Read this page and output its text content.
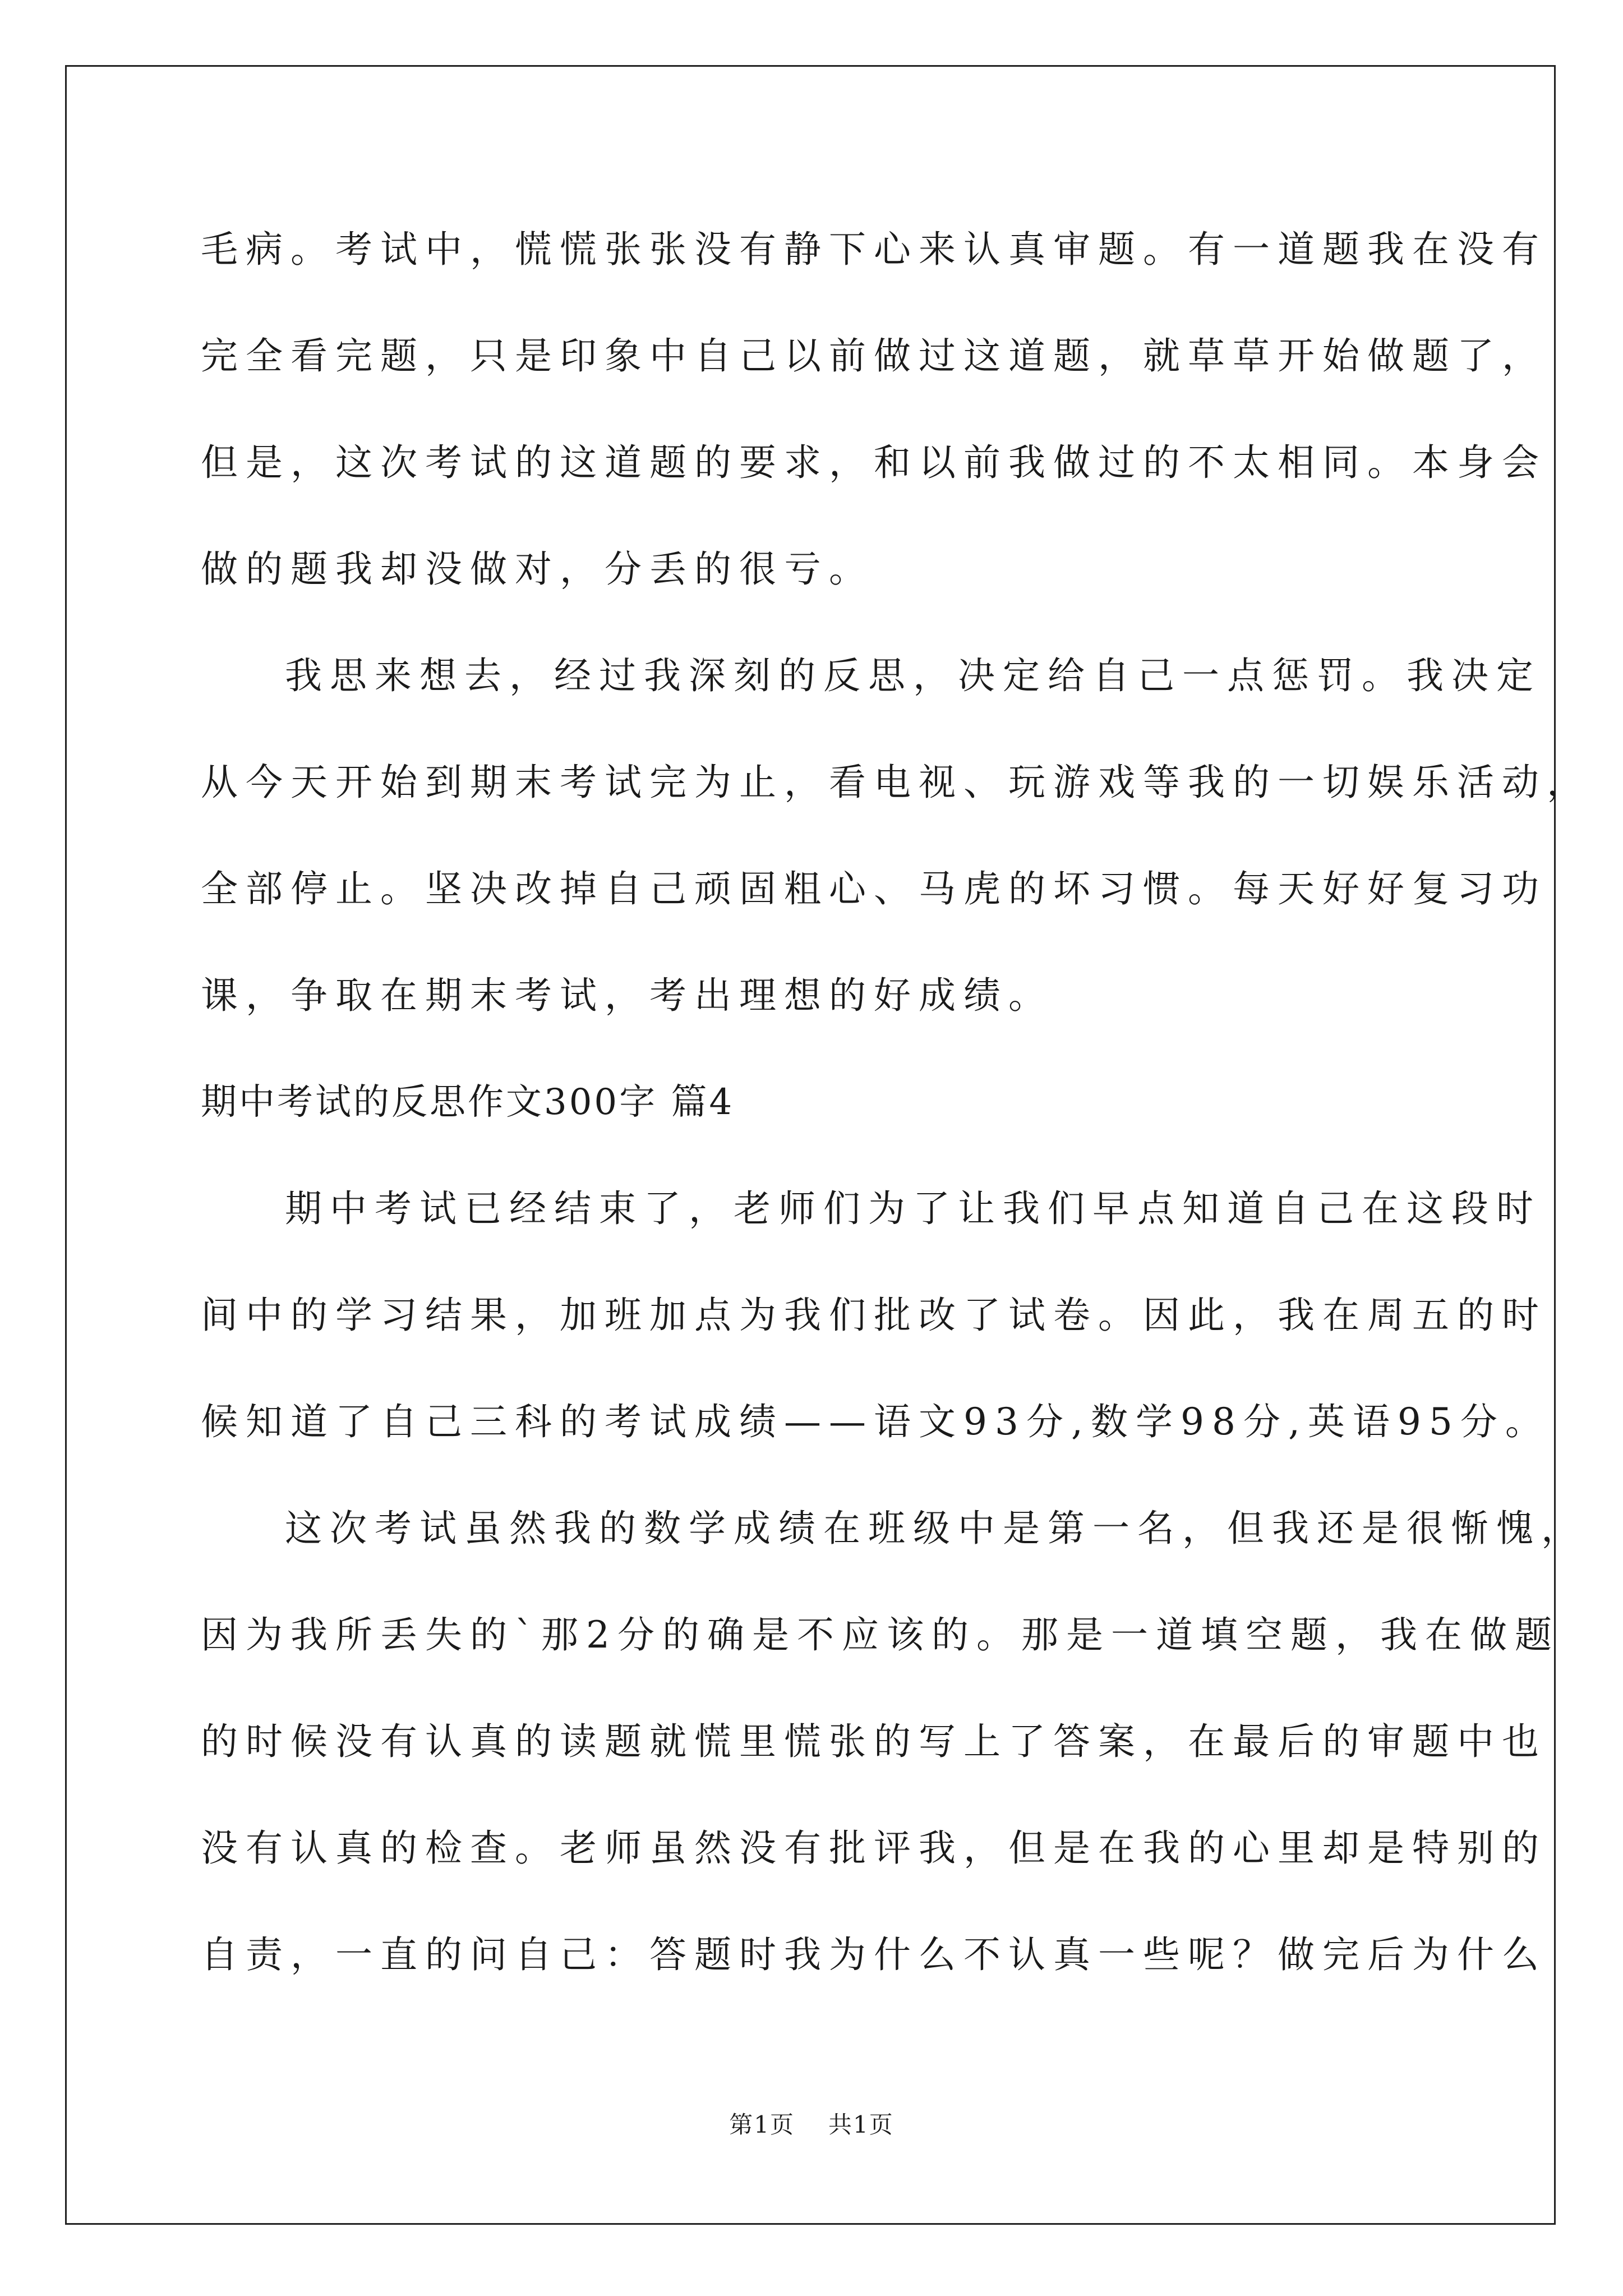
毛病。考试中，慌慌张张没有静下心来认真审题。有一道题我在没有
完全看完题，只是印象中自己以前做过这道题，就草草开始做题了，
但是，这次考试的这道题的要求，和以前我做过的不太相同。本身会
做的题我却没做对，分丢的很亏。
我思来想去，经过我深刻的反思，决定给自己一点惩罚。我决定
从今天开始到期末考试完为止，看电视、玩游戏等我的一切娱乐活动，
全部停止。坚决改掉自己顽固粗心、马虎的坏习惯。每天好好复习功
课，争取在期末考试，考出理想的好成绩。
期中考试的反思作文300字 篇4
期中考试已经结束了，老师们为了让我们早点知道自己在这段时
间中的学习结果，加班加点为我们批改了试卷。因此，我在周五的时
候知道了自己三科的考试成绩——语文93分,数学98分,英语95分。
这次考试虽然我的数学成绩在班级中是第一名，但我还是很惭愧，
因为我所丢失的`那2分的确是不应该的。那是一道填空题，我在做题
的时候没有认真的读题就慌里慌张的写上了答案，在最后的审题中也
没有认真的检查。老师虽然没有批评我，但是在我的心里却是特别的
自责，一直的问自己：答题时我为什么不认真一些呢？做完后为什么
第1页 共1页
